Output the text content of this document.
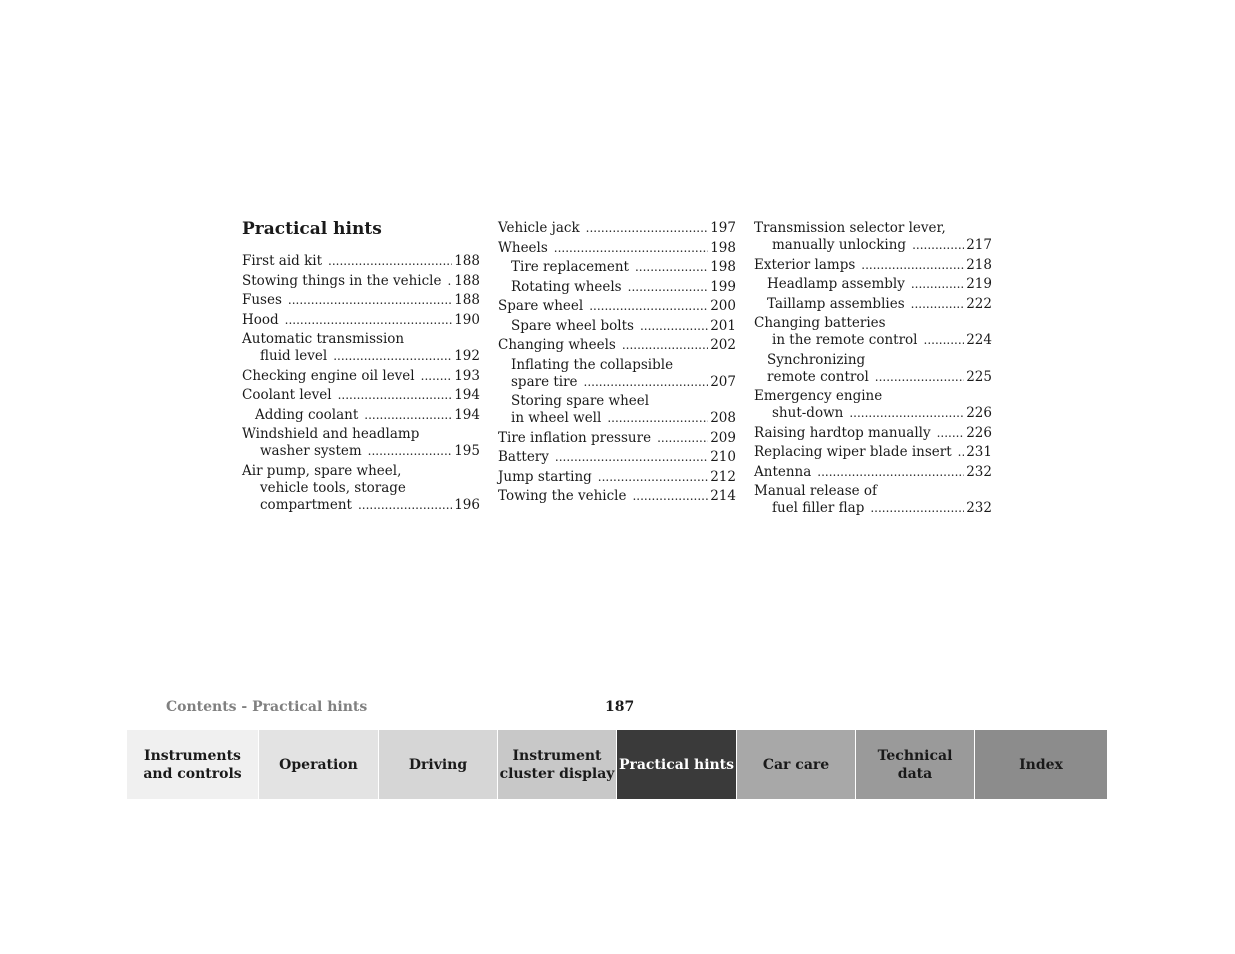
Practical hints
First aid kit .....	188
Stowing things in the vehicle ..... 188
Fuses .....	188
Hood .....	190
Automatic transmission
fluid level .....	192
Checking engine oil level .....	193
Coolant level .....	194
Adding coolant .....	194
Windshield and headlamp
washer system .....	195
Air pump, spare wheel,
vehicle tools, storage
compartment .....	196
Vehicle jack .....	197
Wheels .....	198
Tire replacement .....	198
Rotating wheels .....	199
Spare wheel .....	200
Spare wheel bolts .....	201
Changing wheels .....	202
Inflating the collapsible
spare tire .....	207
Storing spare wheel
in wheel well .....	208
Tire inflation pressure .....	209
Battery .....	210
Jump starting .....	212
Towing the vehicle .....	214
Transmission selector lever,
manually unlocking .....	217
Exterior lamps .....	218
Headlamp assembly .....	219
Taillamp assemblies .....	222
Changing batteries
in the remote control .....	224
Synchronizing
remote control .....	225
Emergency engine
shut-down .....	226
Raising hardtop manually .....	226
Replacing wiper blade insert ..... 231
Antenna .....	232
Manual release of
fuel filler flap .....	232
Contents - Practical hints	187
Instruments
and controls
Operation	Driving
Instrument
cluster display
Practical hints Car care
Technical
data
Index
